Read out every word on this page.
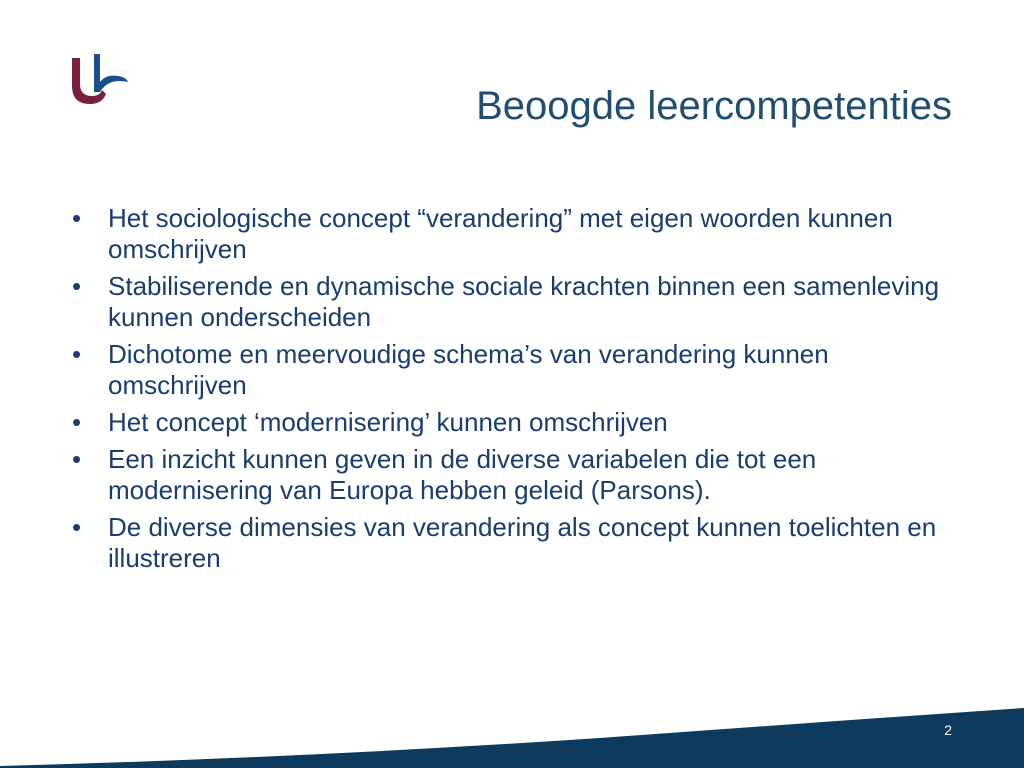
Beoogde leercompetenties
• Het sociologische concept “verandering” met eigen woorden kunnen omschrijven
• Stabiliserende en dynamische sociale krachten binnen een samenleving kunnen onderscheiden
• Dichotome en meervoudige schema’s van verandering kunnen omschrijven
• Het concept ‘modernisering’ kunnen omschrijven
• Een inzicht kunnen geven in de diverse variabelen die tot een modernisering van Europa hebben geleid (Parsons).
• De diverse dimensies van verandering als concept kunnen toelichten en illustreren
2
